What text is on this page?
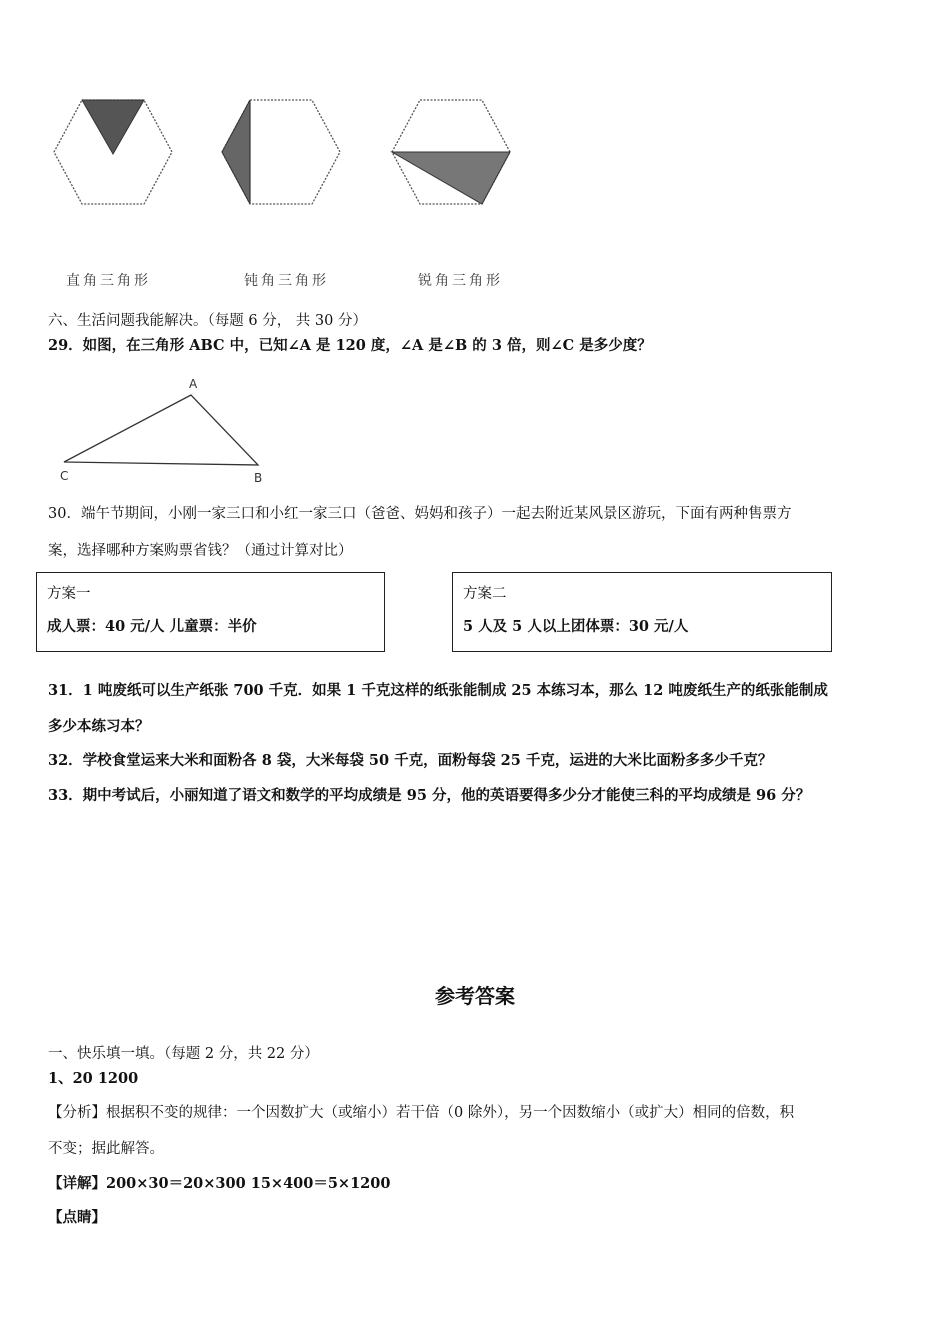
直角三角形	钝角三角形	锐角三角形
六、生活问题我能解决。（每题 6 分， 共 30 分）
29．如图，在三角形 ABC 中，已知∠A 是 120 度，∠A 是∠B 的 3 倍，则∠C 是多少度？
A
C	B
30．端午节期间，小刚一家三口和小红一家三口（爸爸、妈妈和孩子）一起去附近某风景区游玩，下面有两种售票方
案，选择哪种方案购票省钱？（通过计算对比）
方案一
成人票：40 元/人 儿童票：半价
方案二
5 人及 5 人以上团体票：30 元/人
31．1 吨废纸可以生产纸张 700 千克．如果 1 千克这样的纸张能制成 25 本练习本，那么 12 吨废纸生产的纸张能制成
多少本练习本？
32．学校食堂运来大米和面粉各 8 袋，大米每袋 50 千克，面粉每袋 25 千克，运进的大米比面粉多多少千克？
33．期中考试后，小丽知道了语文和数学的平均成绩是 95 分，他的英语要得多少分才能使三科的平均成绩是 96 分？
参考答案
一、快乐填一填。（每题 2 分，共 22 分）
1、20 1200
【分析】根据积不变的规律：一个因数扩大（或缩小）若干倍（0 除外），另一个因数缩小（或扩大）相同的倍数，积
不变；据此解答。
【详解】200×30＝20×300 15×400＝5×1200
【点睛】
